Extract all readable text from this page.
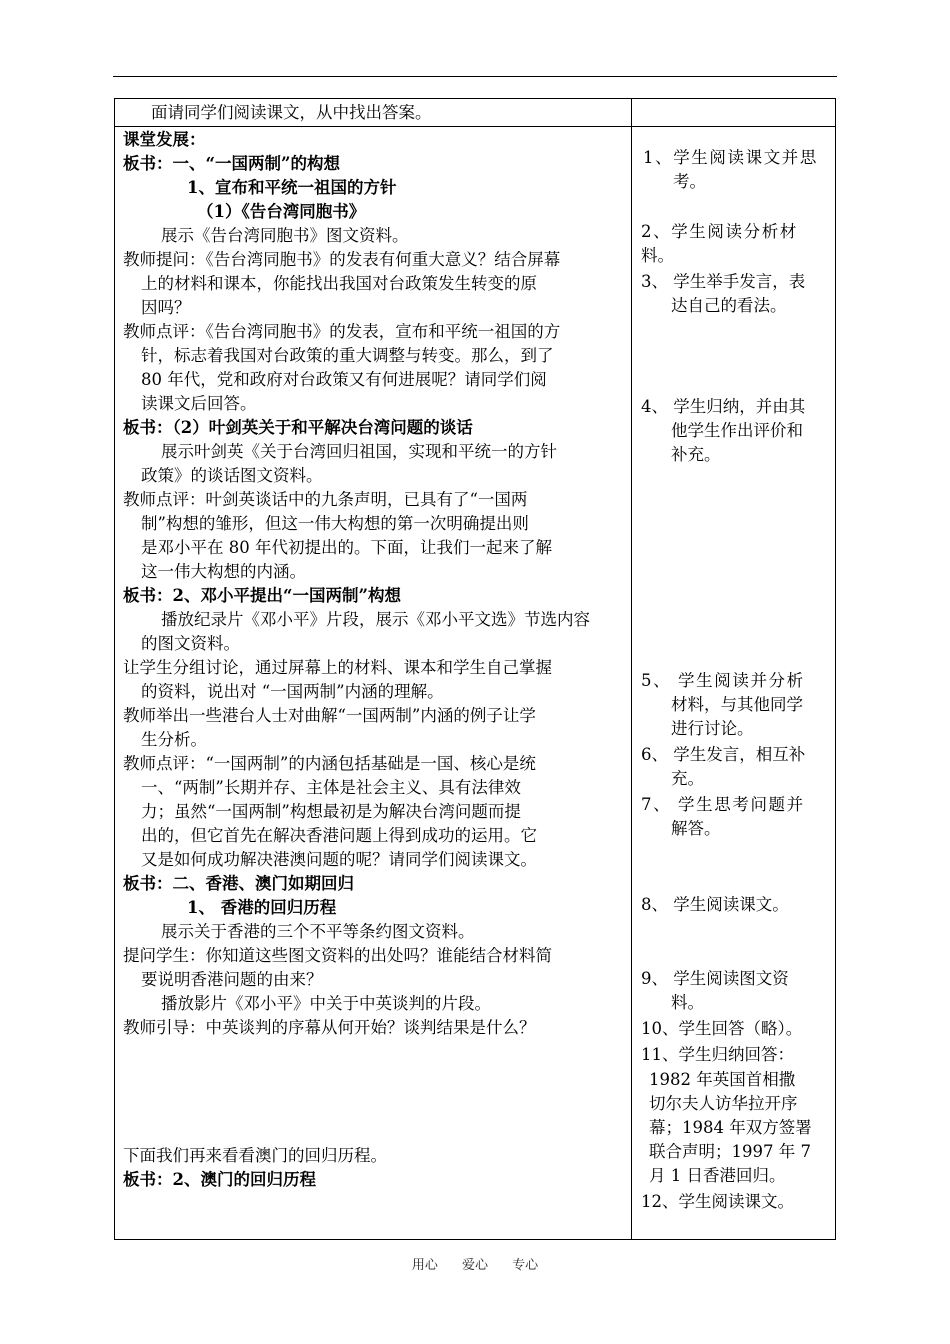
面请同学们阅读课文，从中找出答案。
课堂发展：
板书：一、“一国两制”的构想
1、宣布和平统一祖国的方针
（1）《告台湾同胞书》
展示《告台湾同胞书》图文资料。
教师提问：《告台湾同胞书》的发表有何重大意义？结合屏幕
上的材料和课本，你能找出我国对台政策发生转变的原
因吗？
教师点评：《告台湾同胞书》的发表，宣布和平统一祖国的方
针，标志着我国对台政策的重大调整与转变。那么，到了
80 年代，党和政府对台政策又有何进展呢？请同学们阅
读课文后回答。
板书：（2）叶剑英关于和平解决台湾问题的谈话
展示叶剑英《关于台湾回归祖国，实现和平统一的方针
政策》的谈话图文资料。
教师点评：叶剑英谈话中的九条声明，已具有了“一国两
制”构想的雏形，但这一伟大构想的第一次明确提出则
是邓小平在 80 年代初提出的。下面，让我们一起来了解
这一伟大构想的内涵。
板书：2、邓小平提出“一国两制”构想
播放纪录片《邓小平》片段，展示《邓小平文选》节选内容
的图文资料。
让学生分组讨论，通过屏幕上的材料、课本和学生自己掌握
的资料，说出对 “一国两制”内涵的理解。
教师举出一些港台人士对曲解“一国两制”内涵的例子让学
生分析。
教师点评：“一国两制”的内涵包括基础是一国、核心是统
一、“两制”长期并存、主体是社会主义、具有法律效
力；虽然“一国两制”构想最初是为解决台湾问题而提
出的，但它首先在解决香港问题上得到成功的运用。它
又是如何成功解决港澳问题的呢？请同学们阅读课文。
板书：二、香港、澳门如期回归
1、 香港的回归历程
展示关于香港的三个不平等条约图文资料。
提问学生：你知道这些图文资料的出处吗？谁能结合材料简
要说明香港问题的由来？
播放影片《邓小平》中关于中英谈判的片段。
教师引导：中英谈判的序幕从何开始？谈判结果是什么？
下面我们再来看看澳门的回归历程。
板书：2、澳门的回归历程
1、学生阅读课文并思
考。
2、学生阅读分析材
料。
3、 学生举手发言，表
达自己的看法。
4、 学生归纳，并由其
他学生作出评价和
补充。
5、 学生阅读并分析
材料，与其他同学
进行讨论。
6、 学生发言，相互补
充。
7、 学生思考问题并
解答。
8、 学生阅读课文。
9、 学生阅读图文资
料。
10、学生回答（略）。
11、学生归纳回答：
1982 年英国首相撒
切尔夫人访华拉开序
幕；1984 年双方签署
联合声明；1997 年 7
月 1 日香港回归。
12、学生阅读课文。
用心 爱心 专心
